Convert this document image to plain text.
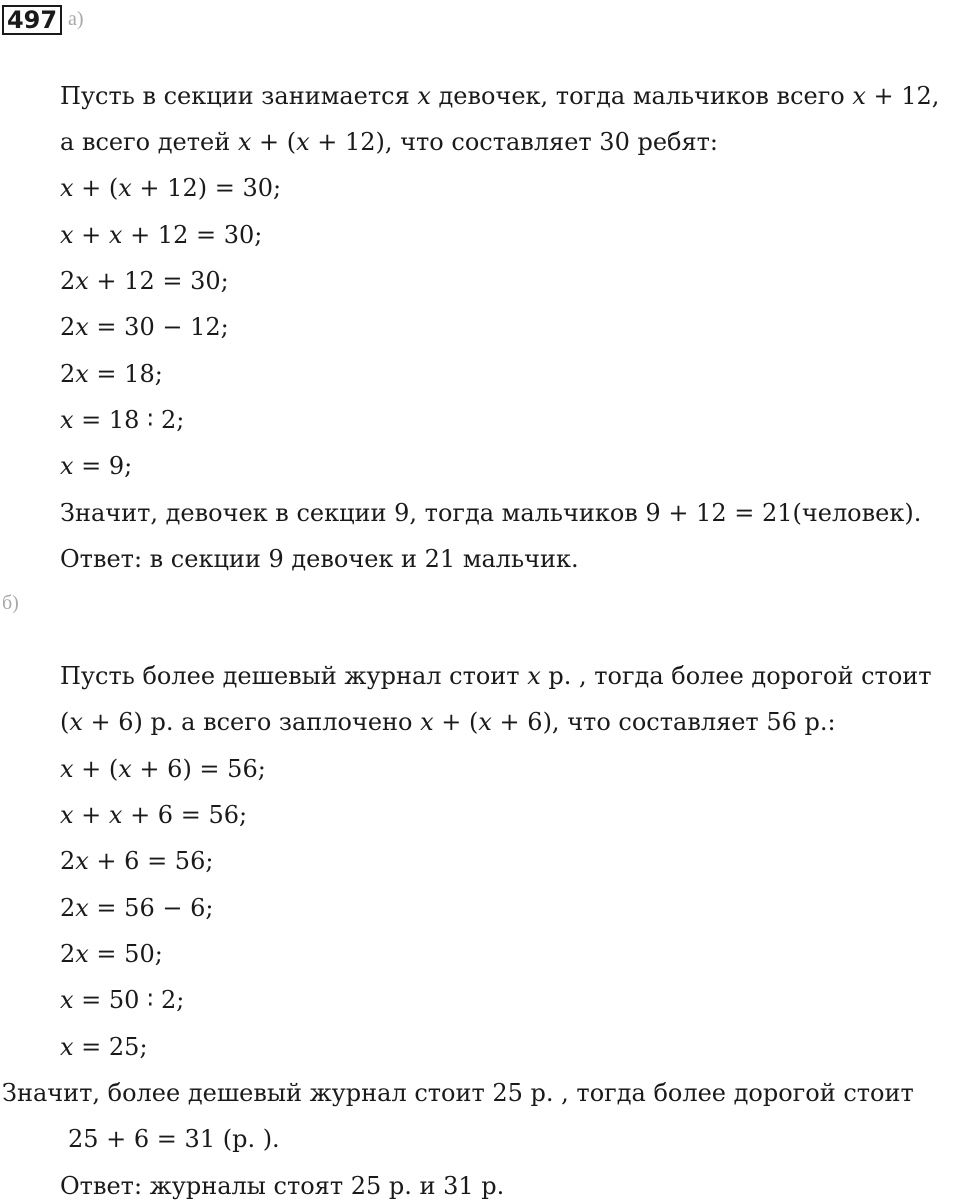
497 а)
Пусть в секции занимается 𝑥 девочек, тогда мальчиков всего 𝑥 + 12,
а всего детей 𝑥 + (𝑥 + 12), что составляет 30 ребят:
𝑥 + (𝑥 + 12) = 30;
𝑥 + 𝑥 + 12 = 30;
2𝑥 + 12 = 30;
2𝑥 = 30 − 12;
2𝑥 = 18;
𝑥 = 18 ∶ 2;
𝑥 = 9;
Значит, девочек в секции 9, тогда мальчиков 9 + 12 = 21(человек).
Ответ: в секции 9 девочек и 21 мальчик.
б)
Пусть более дешевый журнал стоит 𝑥 р. , тогда более дорогой стоит
(𝑥 + 6) р. а всего заплочено 𝑥 + (𝑥 + 6), что составляет 56 р.:
𝑥 + (𝑥 + 6) = 56;
𝑥 + 𝑥 + 6 = 56;
2𝑥 + 6 = 56;
2𝑥 = 56 − 6;
2𝑥 = 50;
𝑥 = 50 ∶ 2;
𝑥 = 25;
Значит, более дешевый журнал стоит 25 р. , тогда более дорогой стоит
25 + 6 = 31 (р. ).
Ответ: журналы стоят 25 р. и 31 р.
